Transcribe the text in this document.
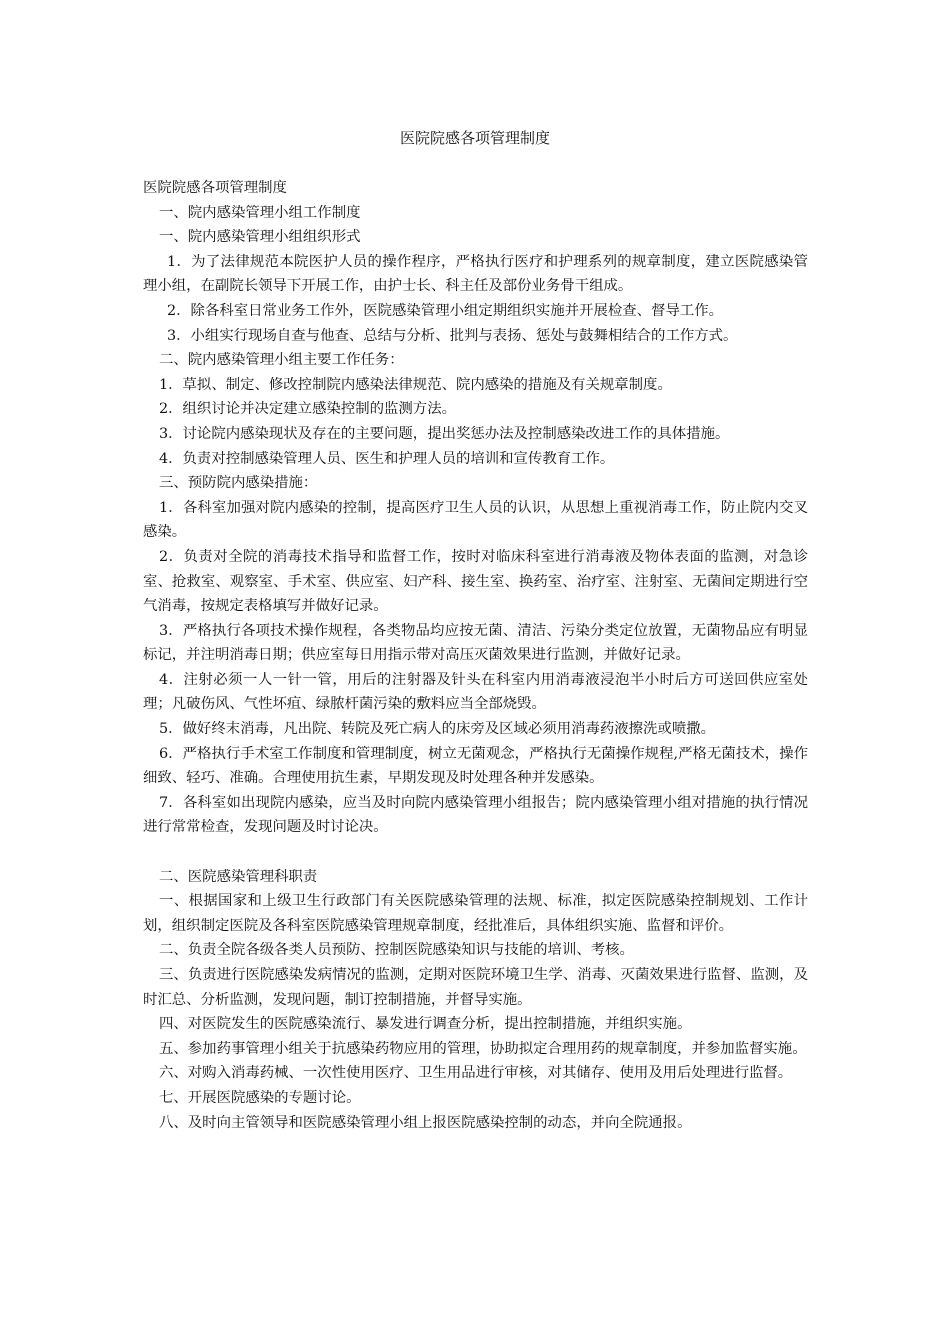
医院院感各项管理制度

医院院感各项管理制度

一、院内感染管理小组工作制度

一、院内感染管理小组组织形式

1．为了法律规范本院医护人员的操作程序，严格执行医疗和护理系列的规章制度，建立医院感染管理小组，在副院长领导下开展工作，由护士长、科主任及部份业务骨干组成。

2．除各科室日常业务工作外，医院感染管理小组定期组织实施并开展检查、督导工作。

3．小组实行现场自查与他查、总结与分析、批判与表扬、惩处与鼓舞相结合的工作方式。

二、院内感染管理小组主要工作任务：

1．草拟、制定、修改控制院内感染法律规范、院内感染的措施及有关规章制度。

2．组织讨论并决定建立感染控制的监测方法。

3．讨论院内感染现状及存在的主要问题，提出奖惩办法及控制感染改进工作的具体措施。

4．负责对控制感染管理人员、医生和护理人员的培训和宣传教育工作。

三、预防院内感染措施：

1．各科室加强对院内感染的控制，提高医疗卫生人员的认识，从思想上重视消毒工作，防止院内交叉感染。

2．负责对全院的消毒技术指导和监督工作，按时对临床科室进行消毒液及物体表面的监测，对急诊室、抢救室、观察室、手术室、供应室、妇产科、接生室、换药室、治疗室、注射室、无菌间定期进行空气消毒，按规定表格填写并做好记录。

3．严格执行各项技术操作规程，各类物品均应按无菌、清洁、污染分类定位放置，无菌物品应有明显标记，并注明消毒日期；供应室每日用指示带对高压灭菌效果进行监测，并做好记录。

4．注射必须一人一针一管，用后的注射器及针头在科室内用消毒液浸泡半小时后方可送回供应室处理；凡破伤风、气性坏疽、绿脓杆菌污染的敷料应当全部烧毁。

5．做好终末消毒，凡出院、转院及死亡病人的床旁及区域必须用消毒药液擦洗或喷撒。

6．严格执行手术室工作制度和管理制度，树立无菌观念，严格执行无菌操作规程,严格无菌技术，操作细致、轻巧、准确。合理使用抗生素，早期发现及时处理各种并发感染。

7．各科室如出现院内感染，应当及时向院内感染管理小组报告；院内感染管理小组对措施的执行情况进行常常检查，发现问题及时讨论决。

二、医院感染管理科职责

一、根据国家和上级卫生行政部门有关医院感染管理的法规、标准，拟定医院感染控制规划、工作计划，组织制定医院及各科室医院感染管理规章制度，经批准后，具体组织实施、监督和评价。

二、负责全院各级各类人员预防、控制医院感染知识与技能的培训、考核。

三、负责进行医院感染发病情况的监测，定期对医院环境卫生学、消毒、灭菌效果进行监督、监测，及时汇总、分析监测，发现问题，制订控制措施，并督导实施。

四、对医院发生的医院感染流行、暴发进行调查分析，提出控制措施，并组织实施。

五、参加药事管理小组关于抗感染药物应用的管理，协助拟定合理用药的规章制度，并参加监督实施。

六、对购入消毒药械、一次性使用医疗、卫生用品进行审核，对其储存、使用及用后处理进行监督。

七、开展医院感染的专题讨论。

八、及时向主管领导和医院感染管理小组上报医院感染控制的动态，并向全院通报。
